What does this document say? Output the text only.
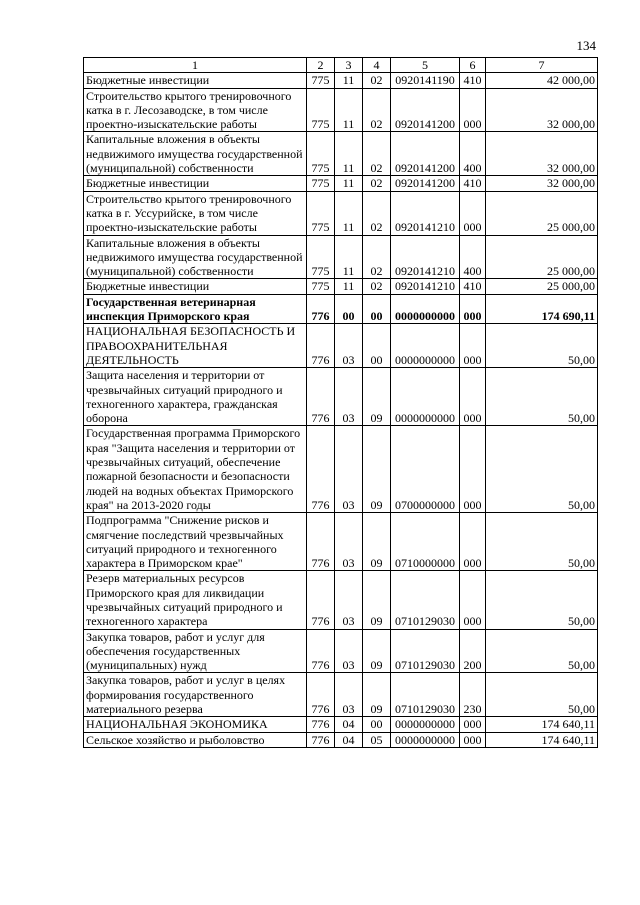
134
1	2	3	4	5	6	7
Бюджетные инвестиции	775	11	02	0920141190	410	42 000,00
Строительство крытого тренировочного катка в г. Лесозаводске, в том числе проектно-изыскательские работы	775	11	02	0920141200	000	32 000,00
Капитальные вложения в объекты недвижимого имущества государственной (муниципальной) собственности	775	11	02	0920141200	400	32 000,00
Бюджетные инвестиции	775	11	02	0920141200	410	32 000,00
Строительство крытого тренировочного катка в г. Уссурийске, в том числе проектно-изыскательские работы	775	11	02	0920141210	000	25 000,00
Капитальные вложения в объекты недвижимого имущества государственной (муниципальной) собственности	775	11	02	0920141210	400	25 000,00
Бюджетные инвестиции	775	11	02	0920141210	410	25 000,00
Государственная ветеринарная инспекция Приморского края	776	00	00	0000000000	000	174 690,11
НАЦИОНАЛЬНАЯ БЕЗОПАСНОСТЬ И ПРАВООХРАНИТЕЛЬНАЯ ДЕЯТЕЛЬНОСТЬ	776	03	00	0000000000	000	50,00
Защита населения и территории от чрезвычайных ситуаций природного и техногенного характера, гражданская оборона	776	03	09	0000000000	000	50,00
Государственная программа Приморского края "Защита населения и территории от чрезвычайных ситуаций, обеспечение пожарной безопасности и безопасности людей на водных объектах Приморского края" на 2013-2020 годы	776	03	09	0700000000	000	50,00
Подпрограмма "Снижение рисков и смягчение последствий чрезвычайных ситуаций природного и техногенного характера в Приморском крае"	776	03	09	0710000000	000	50,00
Резерв материальных ресурсов Приморского края для ликвидации чрезвычайных ситуаций природного и техногенного характера	776	03	09	0710129030	000	50,00
Закупка товаров, работ и услуг для обеспечения государственных (муниципальных) нужд	776	03	09	0710129030	200	50,00
Закупка товаров, работ и услуг в целях формирования государственного материального резерва	776	03	09	0710129030	230	50,00
НАЦИОНАЛЬНАЯ ЭКОНОМИКА	776	04	00	0000000000	000	174 640,11
Сельское хозяйство и рыболовство	776	04	05	0000000000	000	174 640,11
